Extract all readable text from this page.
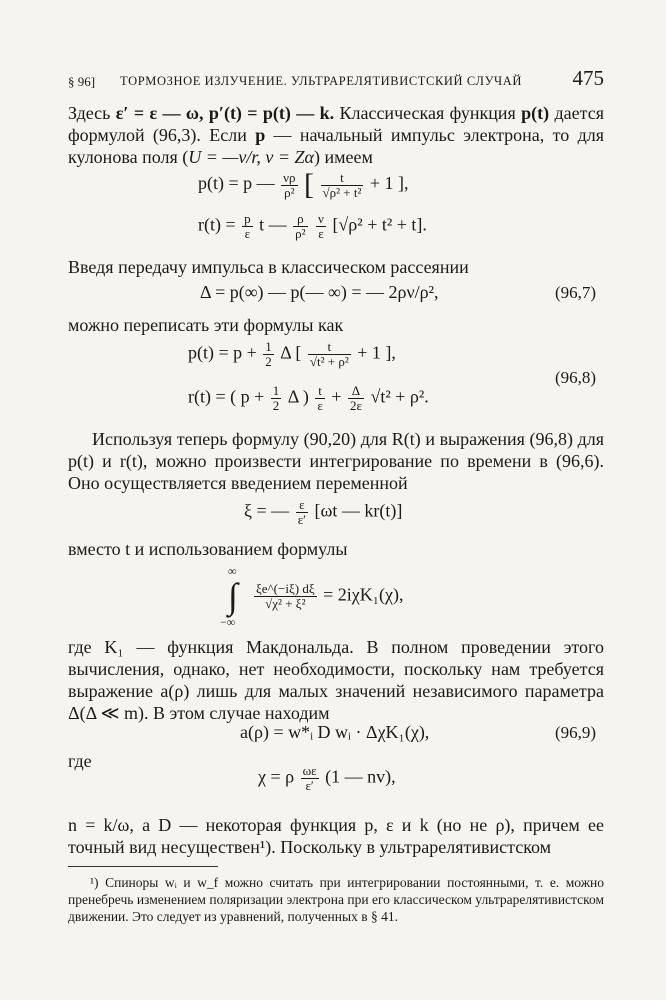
§ 96] ТОРМОЗНОЕ ИЗЛУЧЕНИЕ. УЛЬТРАРЕЛЯТИВИСТСКИЙ СЛУЧАЙ 475
Здесь ε′ = ε — ω, p′(t) = p(t) — k. Классическая функция p(t) дается формулой (96,3). Если p — начальный импульс электрона, то для кулонова поля (U = —ν/r, ν = Zα) имеем
p(t) = p — $\frac{\nu\rho}{\text{ρ²}}$ [ $\frac{t}{\text{√ρ² + t²}} + 1$ ],
$r(t) = \frac{p}{\varepsilon}$ t — $\frac{\rho}{\text{ρ²}}$
$\frac{\nu}{\varepsilon} [√\rho^2 + t^2 + t]$.
Введя передачу импульса в классическом рассеянии
Δ = p(∞) — p(— ∞) = — 2ρν/ρ²,	(96,7)
можно переписать эти формулы как
$p(t) = p + \frac{1}{2}$ Δ [ $\frac{t}{\text{√t² + ρ²}} + 1$ ],
r(t) = ( $p + \frac{1}{2}$ Δ ) $\frac{t}{\varepsilon} + \frac{\Delta}{2\varepsilon} √t^2 + \rho^2$.
(96,8)
Используя теперь формулу (90,20) для R(t) и выражения (96,8) для p(t) и r(t), можно произвести интегрирование по времени в (96,6). Оно осуществляется введением переменной
ξ = — $\frac{\varepsilon}{\varepsilon'} [\omega t$ — kr(t)]
вместо t и использованием формулы
∞
∫
−∞
$\frac{\xi e\^{}(-i\xi) d\xi}{\text{√χ² + ξ²}} = 2i\chi K_1(\chi)$,
где K₁ — функция Макдональда. В полном проведении этого вычисления, однако, нет необходимости, поскольку нам требуется выражение a(ρ) лишь для малых значений независимого параметра Δ(Δ ≪ m). В этом случае находим
a(ρ) = w*ᵢ D wᵢ · ΔχK₁(χ),	(96,9)
где
χ = ρ $\frac{\omega\varepsilon}{\varepsilon'} (1$ — nv),
n = k/ω, а D — некоторая функция p, ε и k (но не ρ), причем ее точный вид несуществен¹). Поскольку в ультрарелятивистском
¹) Спиноры wᵢ и w_f можно считать при интегрировании постоянными, т. е. можно пренебречь изменением поляризации электрона при его классическом ультрарелятивистском движении. Это следует из уравнений, полученных в § 41.
